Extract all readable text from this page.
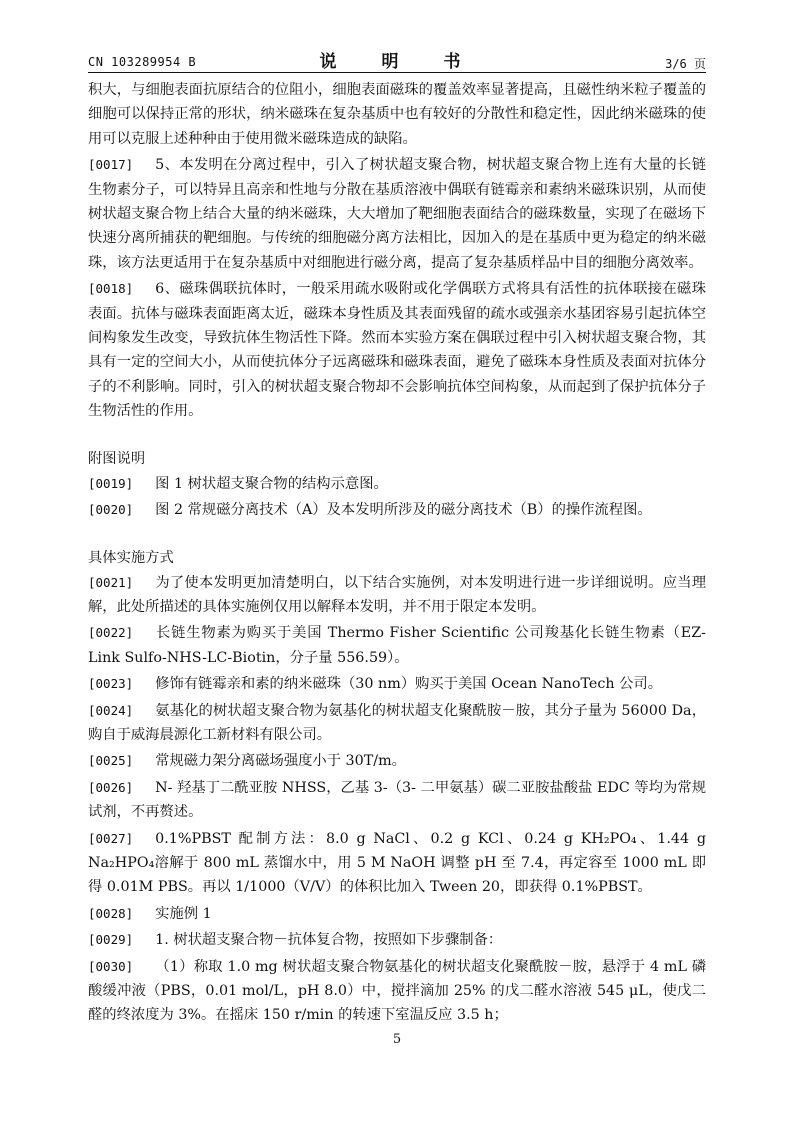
CN 103289954 B	说　明　书	3/6 页

积大，与细胞表面抗原结合的位阻小，细胞表面磁珠的覆盖效率显著提高，且磁性纳米粒子覆盖的细胞可以保持正常的形状，纳米磁珠在复杂基质中也有较好的分散性和稳定性，因此纳米磁珠的使用可以克服上述种种由于使用微米磁珠造成的缺陷。

[0017] 5、本发明在分离过程中，引入了树状超支聚合物，树状超支聚合物上连有大量的长链生物素分子，可以特异且高亲和性地与分散在基质溶液中偶联有链霉亲和素纳米磁珠识别，从而使树状超支聚合物上结合大量的纳米磁珠，大大增加了靶细胞表面结合的磁珠数量，实现了在磁场下快速分离所捕获的靶细胞。与传统的细胞磁分离方法相比，因加入的是在基质中更为稳定的纳米磁珠，该方法更适用于在复杂基质中对细胞进行磁分离，提高了复杂基质样品中目的细胞分离效率。

[0018] 6、磁珠偶联抗体时，一般采用疏水吸附或化学偶联方式将具有活性的抗体联接在磁珠表面。抗体与磁珠表面距离太近，磁珠本身性质及其表面残留的疏水或强亲水基团容易引起抗体空间构象发生改变，导致抗体生物活性下降。然而本实验方案在偶联过程中引入树状超支聚合物，其具有一定的空间大小，从而使抗体分子远离磁珠和磁珠表面，避免了磁珠本身性质及表面对抗体分子的不利影响。同时，引入的树状超支聚合物却不会影响抗体空间构象，从而起到了保护抗体分子生物活性的作用。

附图说明

[0019] 图 1 树状超支聚合物的结构示意图。

[0020] 图 2 常规磁分离技术（A）及本发明所涉及的磁分离技术（B）的操作流程图。

具体实施方式

[0021] 为了使本发明更加清楚明白，以下结合实施例，对本发明进行进一步详细说明。应当理解，此处所描述的具体实施例仅用以解释本发明，并不用于限定本发明。

[0022] 长链生物素为购买于美国 Thermo Fisher Scientific 公司羧基化长链生物素（EZ-Link Sulfo-NHS-LC-Biotin，分子量 556.59）。

[0023] 修饰有链霉亲和素的纳米磁珠（30 nm）购买于美国 Ocean NanoTech 公司。

[0024] 氨基化的树状超支聚合物为氨基化的树状超支化聚酰胺－胺，其分子量为 56000 Da，购自于威海晨源化工新材料有限公司。

[0025] 常规磁力架分离磁场强度小于 30T/m。

[0026] N- 羟基丁二酰亚胺 NHSS，乙基 3-（3- 二甲氨基）碳二亚胺盐酸盐 EDC 等均为常规试剂，不再赘述。

[0027] 0.1%PBST 配制方法：8.0 g NaCl、0.2 g KCl、0.24 g KH₂PO₄、1.44 g Na₂HPO₄溶解于 800 mL 蒸馏水中，用 5 M NaOH 调整 pH 至 7.4，再定容至 1000 mL 即得 0.01M PBS。再以 1/1000（V/V）的体积比加入 Tween 20，即获得 0.1%PBST。

[0028] 实施例 1

[0029] 1. 树状超支聚合物－抗体复合物，按照如下步骤制备：

[0030] （1）称取 1.0 mg 树状超支聚合物氨基化的树状超支化聚酰胺－胺，悬浮于 4 mL 磷酸缓冲液（PBS，0.01 mol/L，pH 8.0）中，搅拌滴加 25% 的戊二醛水溶液 545 μL，使戊二醛的终浓度为 3%。在摇床 150 r/min 的转速下室温反应 3.5 h；

5
